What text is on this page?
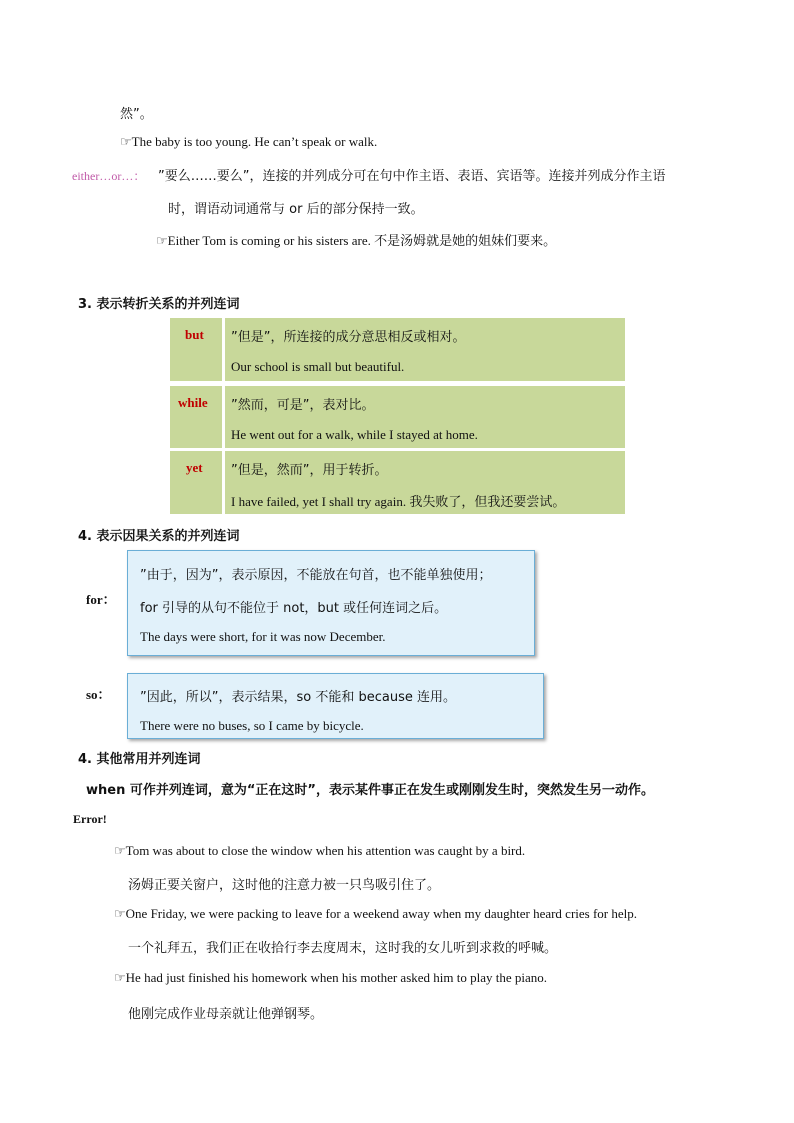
然”。
☞The baby is too young. He can’t speak or walk.
either…or…： ”要么……要么”，连接的并列成分可在句中作主语、表语、宾语等。连接并列成分作主语
时，谓语动词通常与 or 后的部分保持一致。
☞Either Tom is coming or his sisters are. 不是汤姆就是她的姐妹们要来。
3. 表示转折关系的并列连词
but ”但是”，所连接的成分意思相反或相对。
Our school is small but beautiful.
while ”然而，可是”，表对比。
He went out for a walk, while I stayed at home.
yet ”但是，然而”，用于转折。
I have failed, yet I shall try again. 我失败了，但我还要尝试。
4. 表示因果关系的并列连词
for：
”由于，因为”，表示原因，不能放在句首，也不能单独使用；
for 引导的从句不能位于 not，but 或任何连词之后。
The days were short, for it was now December.
so： ”因此，所以”，表示结果，so 不能和 because 连用。
There were no buses, so I came by bicycle.
4. 其他常用并列连词
when 可作并列连词，意为“正在这时”，表示某件事正在发生或刚刚发生时，突然发生另一动作。
Error!
☞Tom was about to close the window when his attention was caught by a bird.
汤姆正要关窗户，这时他的注意力被一只鸟吸引住了。
☞One Friday, we were packing to leave for a weekend away when my daughter heard cries for help.
一个礼拜五，我们正在收拾行李去度周末，这时我的女儿听到求救的呼喊。
☞He had just finished his homework when his mother asked him to play the piano.
他刚完成作业母亲就让他弹钢琴。
